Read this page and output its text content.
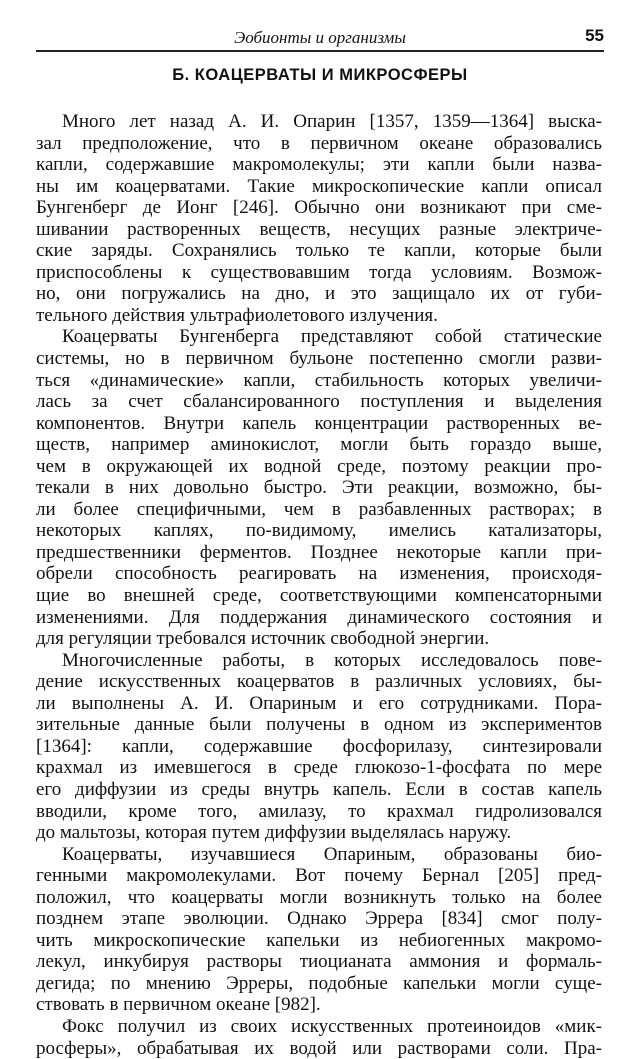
Эобионты и организмы	55
Б. КОАЦЕРВАТЫ И МИКРОСФЕРЫ
Много лет назад А. И. Опарин [1357, 1359—1364] выска-
зал предположение, что в первичном океане образовались
капли, содержавшие макромолекулы; эти капли были назва-
ны им коацерватами. Такие микроскопические капли описал
Бунгенберг де Ионг [246]. Обычно они возникают при сме-
шивании растворенных веществ, несущих разные электриче-
ские заряды. Сохранялись только те капли, которые были
приспособлены к существовавшим тогда условиям. Возмож-
но, они погружались на дно, и это защищало их от губи-
тельного действия ультрафиолетового излучения.
Коацерваты Бунгенберга представляют собой статические
системы, но в первичном бульоне постепенно смогли разви-
ться «динамические» капли, стабильность которых увеличи-
лась за счет сбалансированного поступления и выделения
компонентов. Внутри капель концентрации растворенных ве-
ществ, например аминокислот, могли быть гораздо выше,
чем в окружающей их водной среде, поэтому реакции про-
текали в них довольно быстро. Эти реакции, возможно, бы-
ли более специфичными, чем в разбавленных растворах; в
некоторых каплях, по-видимому, имелись катализаторы,
предшественники ферментов. Позднее некоторые капли при-
обрели способность реагировать на изменения, происходя-
щие во внешней среде, соответствующими компенсаторными
изменениями. Для поддержания динамического состояния и
для регуляции требовался источник свободной энергии.
Многочисленные работы, в которых исследовалось пове-
дение искусственных коацерватов в различных условиях, бы-
ли выполнены А. И. Опариным и его сотрудниками. Пора-
зительные данные были получены в одном из экспериментов
[1364]: капли, содержавшие фосфорилазу, синтезировали
крахмал из имевшегося в среде глюкозо-1-фосфата по мере
его диффузии из среды внутрь капель. Если в состав капель
вводили, кроме того, амилазу, то крахмал гидролизовался
до мальтозы, которая путем диффузии выделялась наружу.
Коацерваты, изучавшиеся Опариным, образованы био-
генными макромолекулами. Вот почему Бернал [205] пред-
положил, что коацерваты могли возникнуть только на более
позднем этапе эволюции. Однако Эррера [834] смог полу-
чить микроскопические капельки из небиогенных макромо-
лекул, инкубируя растворы тиоцианата аммония и формаль-
дегида; по мнению Эрреры, подобные капельки могли суще-
ствовать в первичном океане [982].
Фокс получил из своих искусственных протеиноидов «мик-
росферы», обрабатывая их водой или растворами соли. Пра-
